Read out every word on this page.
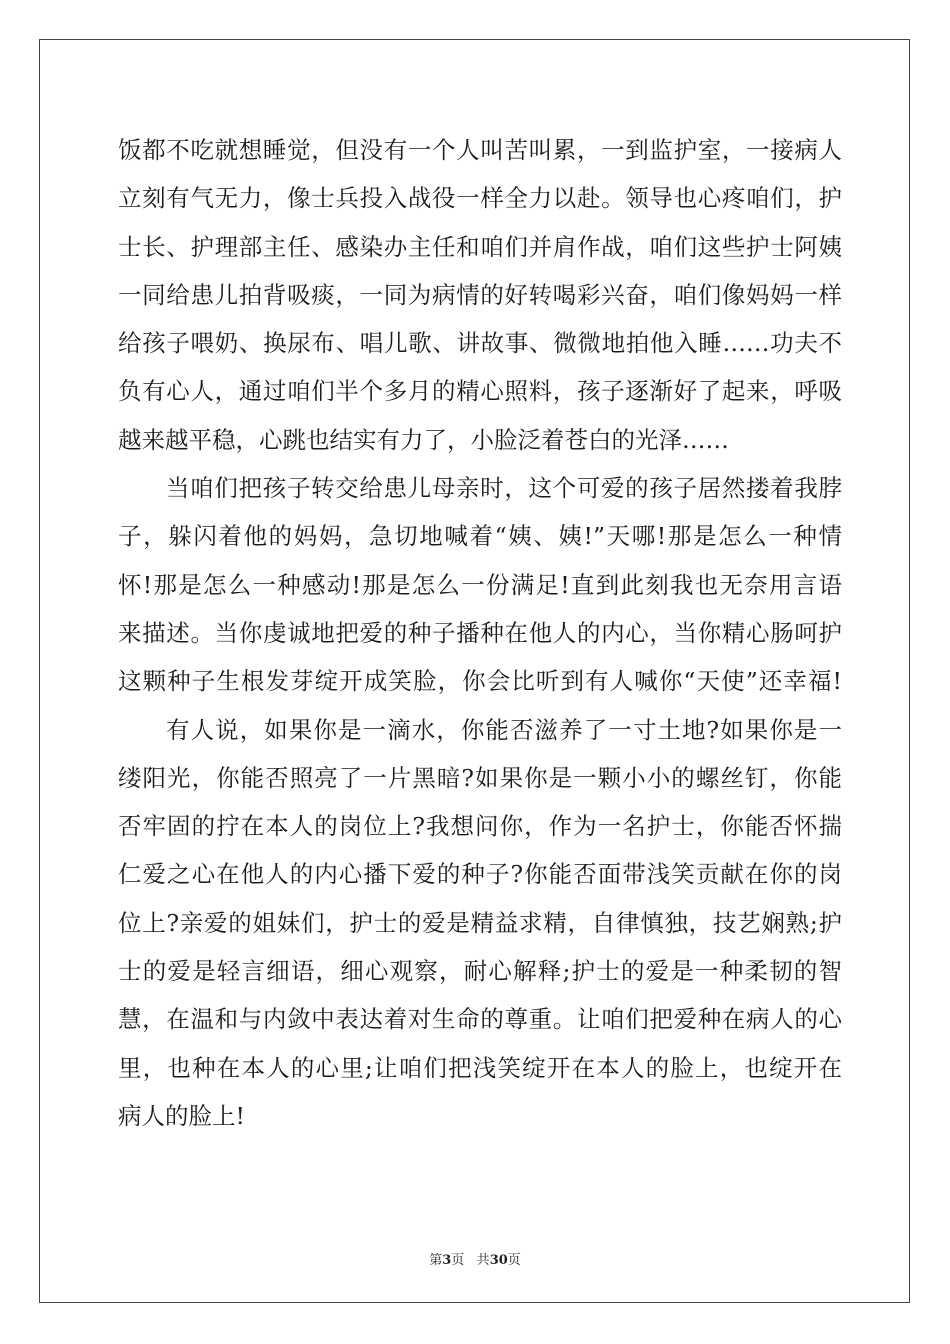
饭都不吃就想睡觉，但没有一个人叫苦叫累，一到监护室，一接病人
立刻有气无力，像士兵投入战役一样全力以赴。领导也心疼咱们，护
士长、护理部主任、感染办主任和咱们并肩作战，咱们这些护士阿姨
一同给患儿拍背吸痰，一同为病情的好转喝彩兴奋，咱们像妈妈一样
给孩子喂奶、换尿布、唱儿歌、讲故事、微微地拍他入睡……功夫不
负有心人，通过咱们半个多月的精心照料，孩子逐渐好了起来，呼吸
越来越平稳，心跳也结实有力了，小脸泛着苍白的光泽……
当咱们把孩子转交给患儿母亲时，这个可爱的孩子居然搂着我脖
子，躲闪着他的妈妈，急切地喊着“姨、姨!”天哪!那是怎么一种情
怀!那是怎么一种感动!那是怎么一份满足!直到此刻我也无奈用言语
来描述。当你虔诚地把爱的种子播种在他人的内心，当你精心肠呵护
这颗种子生根发芽绽开成笑脸，你会比听到有人喊你“天使”还幸福!
有人说，如果你是一滴水，你能否滋养了一寸土地?如果你是一
缕阳光，你能否照亮了一片黑暗?如果你是一颗小小的螺丝钉，你能
否牢固的拧在本人的岗位上?我想问你，作为一名护士，你能否怀揣
仁爱之心在他人的内心播下爱的种子?你能否面带浅笑贡献在你的岗
位上?亲爱的姐妹们，护士的爱是精益求精，自律慎独，技艺娴熟;护
士的爱是轻言细语，细心观察，耐心解释;护士的爱是一种柔韧的智
慧，在温和与内敛中表达着对生命的尊重。让咱们把爱种在病人的心
里，也种在本人的心里;让咱们把浅笑绽开在本人的脸上，也绽开在
病人的脸上!
第3页 共30页
